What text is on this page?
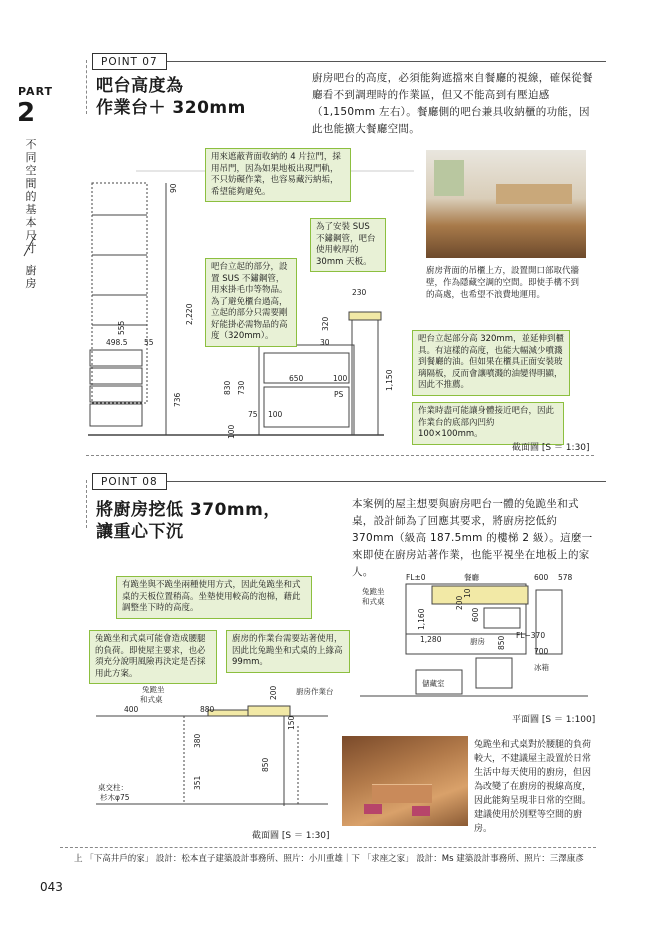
PART
2
不同空間的基本尺寸
廚房
POINT 07
吧台高度為
作業台＋ 320mm
廚房吧台的高度，必須能夠遮擋來自餐廳的視線，確保從餐廳看不到調理時的作業區，但又不能高到有壓迫感（1,150mm 左右）。餐廳側的吧台兼具收納櫃的功能，因此也能擴大餐廳空間。
90
555
498.5 55
2,220
736
830 730
650	100
30
230
320
1,150
75 100
100
PS
用來遮蔽背面收納的 4 片拉門，採用吊門，因為如果地板出現門軌，不只妨礙作業，也容易藏污納垢，希望能夠避免。
為了安裝 SUS 不鏽鋼管，吧台使用較厚的 30mm 天板。
吧台立起的部分，設置 SUS 不鏽鋼管，用來掛毛巾等物品。為了避免櫃台過高，立起的部分只需要剛好能掛必需物品的高度（320mm）。	吧台立起部分高 320mm，並延伸到櫃具。有這樣的高度，也能大幅減少噴濺到餐廳的油。但如果在櫃具正面安裝玻璃隔板，反而會讓噴濺的油變得明顯，因此不推薦。
作業時盡可能讓身體接近吧台，因此作業台的底部內凹約 100×100mm。
廚房背面的吊櫃上方，設置開口部取代牆壁，作為隱藏空調的空間。即使手構不到的高處，也希望不浪費地運用。
截面圖 [S ＝ 1:30]
POINT 08
將廚房挖低 370mm，
讓重心下沉
本案例的屋主想要與廚房吧台一體的兔跪坐和式桌，設計師為了回應其要求，將廚房挖低約 370mm（級高 187.5mm 的樓梯 2 級）。這麼一來即使在廚房站著作業，也能平視坐在地板上的家人。
有跪坐與不跪坐兩種使用方式，因此兔跪坐和式桌的天板位置稍高。坐墊使用較高的泡棉，藉此調整坐下時的高度。
兔跪坐和式桌可能會造成腰腿的負荷。即使屋主要求，也必須充分說明風險再決定是否採用此方案。
廚房的作業台需要站著使用，因此比兔跪坐和式桌的上緣高 99mm。
兔跪坐
和式桌
廚房作業台
桌交柱：
杉木φ75
400	880
200
150
380
850
351
截面圖 [S ＝ 1:30]
兔跪坐
和式桌
FL±0	餐廳
廚房
FL−370
冰箱
儲藏室
600 578
10
200
1,160	600
1,280	850
700
平面圖 [S ＝ 1:100]
兔跪坐和式桌對於腰腿的負荷較大，不建議屋主設置於日常生活中每天使用的廚房，但因為改變了在廚房的視線高度，因此能夠呈現非日常的空間。建議使用於別墅等空間的廚房。
上 「下高井戶的家」 設計：松本直子建築設計事務所、照片：小川重雄｜下 「求座之家」 設計：Ms 建築設計事務所、照片：三澤康彥
043
